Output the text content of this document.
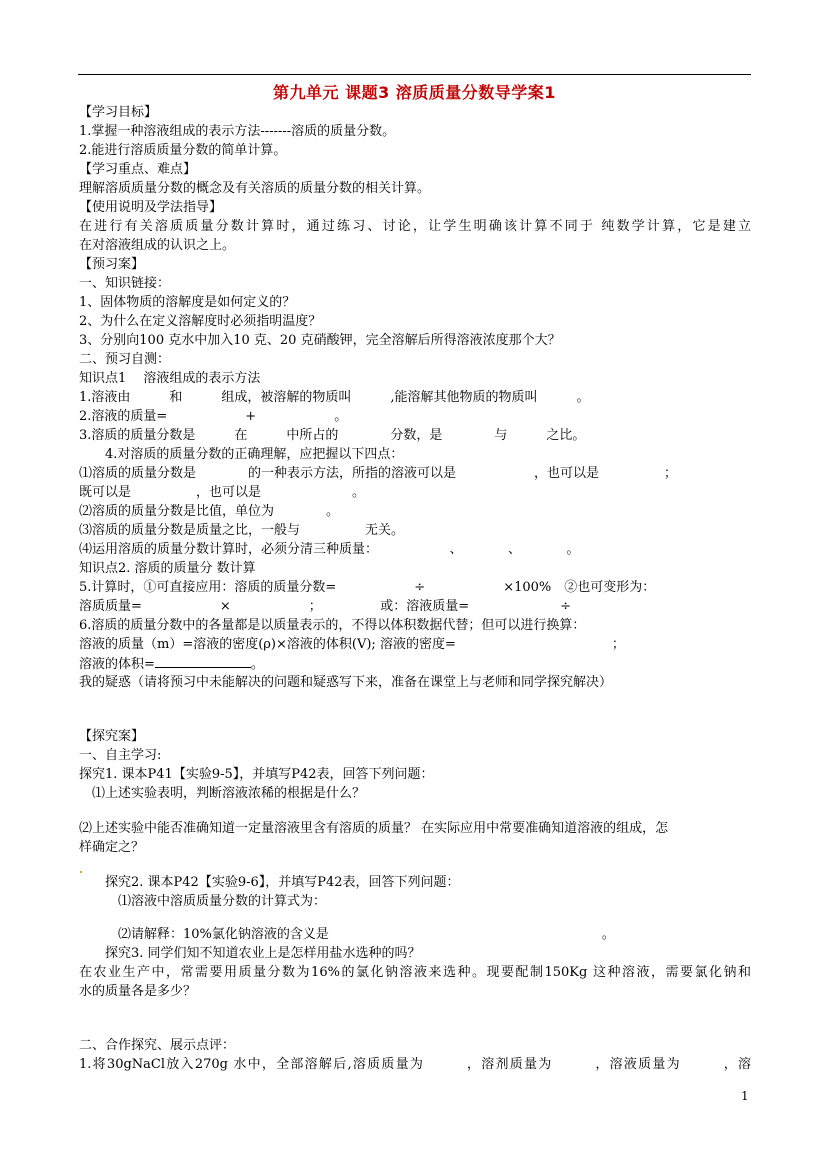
第九单元 课题3 溶质质量分数导学案1
【学习目标】
1.掌握一种溶液组成的表示方法-------溶质的质量分数。
2.能进行溶质质量分数的简单计算。
【学习重点、难点】
理解溶质质量分数的概念及有关溶质的质量分数的相关计算。
【使用说明及学法指导】
在进行有关溶质质量分数计算时，通过练习、讨论，让学生明确该计算不同于 纯数学计算，它是建立
在对溶液组成的认识之上。
【预习案】
一、知识链接：
1、固体物质的溶解度是如何定义的？
2、为什么在定义溶解度时必须指明温度？
3、分别向100 克水中加入10 克、20 克硝酸钾，完全溶解后所得溶液浓度那个大？
二、预习自测：
知识点1　 溶液组成的表示方法
1.溶液由　　　和　　　组成，被溶解的物质叫　　　,能溶解其他物质的物质叫　　　。
2.溶液的质量=　　　　　　+　　　　　　。
3.溶质的质量分数是　　　在　　　中所占的　　　　分数，是　　　　与　　　之比。
　　4.对溶质的质量分数的正确理解，应把握以下四点：
⑴溶质的质量分数是　　　　的一种表示方法，所指的溶液可以是　　　　　　，也可以是　　　　　；
既可以是　　　　　，也可以是　　　　　　　。
⑵溶质的质量分数是比值，单位为　　　　。
⑶溶质的质量分数是质量之比，一般与　　　　　无关。
⑷运用溶质的质量分数计算时，必须分清三种质量：　　　　　　、　　　　、　　　　。
知识点2. 溶质的质量分 数计算
5.计算时，①可直接应用：溶质的质量分数=　　　　　　÷　　　　　　×100%　②也可变形为：
溶质质量=　　　　　　×　　　　　　；　　　　　或：溶液质量=　　　　　　　÷
6.溶质的质量分数中的各量都是以质量表示的，不得以体积数据代替；但可以进行换算：
溶液的质量（m）=溶液的密度(ρ)×溶液的体积(V); 溶液的密度=　　　　　　　　　　　　；
溶液的体积=	。
我的疑惑（请将预习中未能解决的问题和疑惑写下来，准备在课堂上与老师和同学探究解决）
【探究案】
一、自主学习:
探究1. 课本P41【实验9-5】，并填写P42表，回答下列问题：
　⑴上述实验表明，判断溶液浓稀的根据是什么？
⑵上述实验中能否准确知道一定量溶液里含有溶质的质量？ 在实际应用中常要准确知道溶液的组成，怎
样确定之？
　　探究2. 课本P42【实验9-6】，并填写P42表，回答下列问题：
　　　⑴溶液中溶质质量分数的计算式为：
　　　⑵请解释：10%氯化钠溶液的含义是　　　　　　　　　　　　　　　　　　　　　。
　　探究3. 同学们知不知道农业上是怎样用盐水选种的吗？
在农业生产中，常需要用质量分数为16%的氯化钠溶液来选种。现要配制150Kg 这种溶液，需要氯化钠和
水的质量各是多少？
二、合作探究、展示点评：
1.将30gNaCl放入270g 水中，全部溶解后,溶质质量为　　　，溶剂质量为　　　，溶液质量为　　　，溶
1
